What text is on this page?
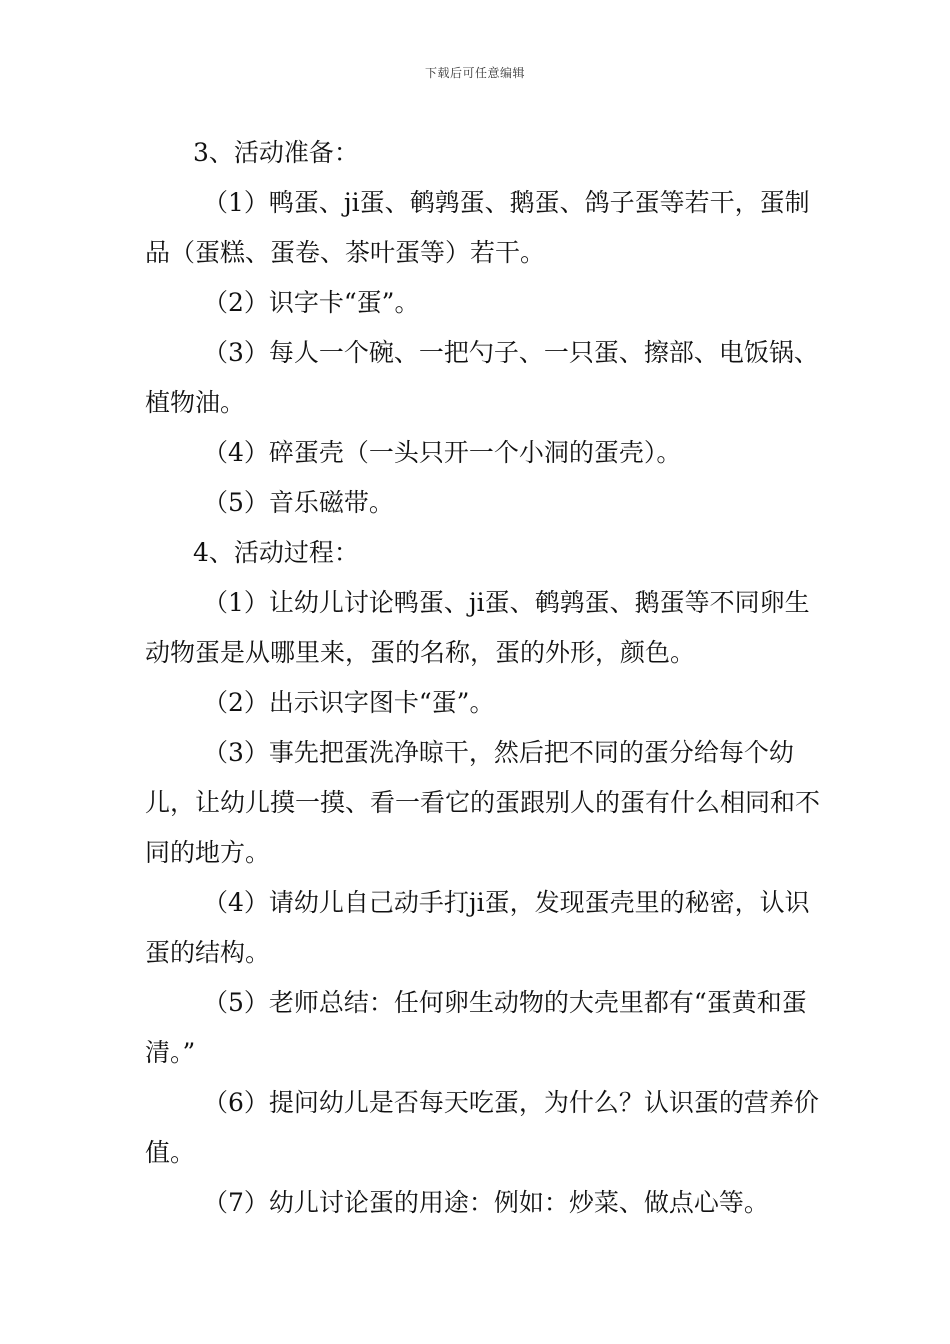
下载后可任意编辑

3、活动准备：

（1）鸭蛋、ji蛋、鹌鹑蛋、鹅蛋、鸽子蛋等若干，蛋制品（蛋糕、蛋卷、茶叶蛋等）若干。

（2）识字卡“蛋”。

（3）每人一个碗、一把勺子、一只蛋、擦部、电饭锅、植物油。

（4）碎蛋壳（一头只开一个小洞的蛋壳）。

（5）音乐磁带。

4、活动过程：

（1）让幼儿讨论鸭蛋、ji蛋、鹌鹑蛋、鹅蛋等不同卵生动物蛋是从哪里来，蛋的名称，蛋的外形，颜色。

（2）出示识字图卡“蛋”。

（3）事先把蛋洗净晾干，然后把不同的蛋分给每个幼儿，让幼儿摸一摸、看一看它的蛋跟别人的蛋有什么相同和不同的地方。

（4）请幼儿自己动手打ji蛋，发现蛋壳里的秘密，认识蛋的结构。

（5）老师总结：任何卵生动物的大壳里都有“蛋黄和蛋清。”

（6）提问幼儿是否每天吃蛋，为什么？认识蛋的营养价值。

（7）幼儿讨论蛋的用途：例如：炒菜、做点心等。
